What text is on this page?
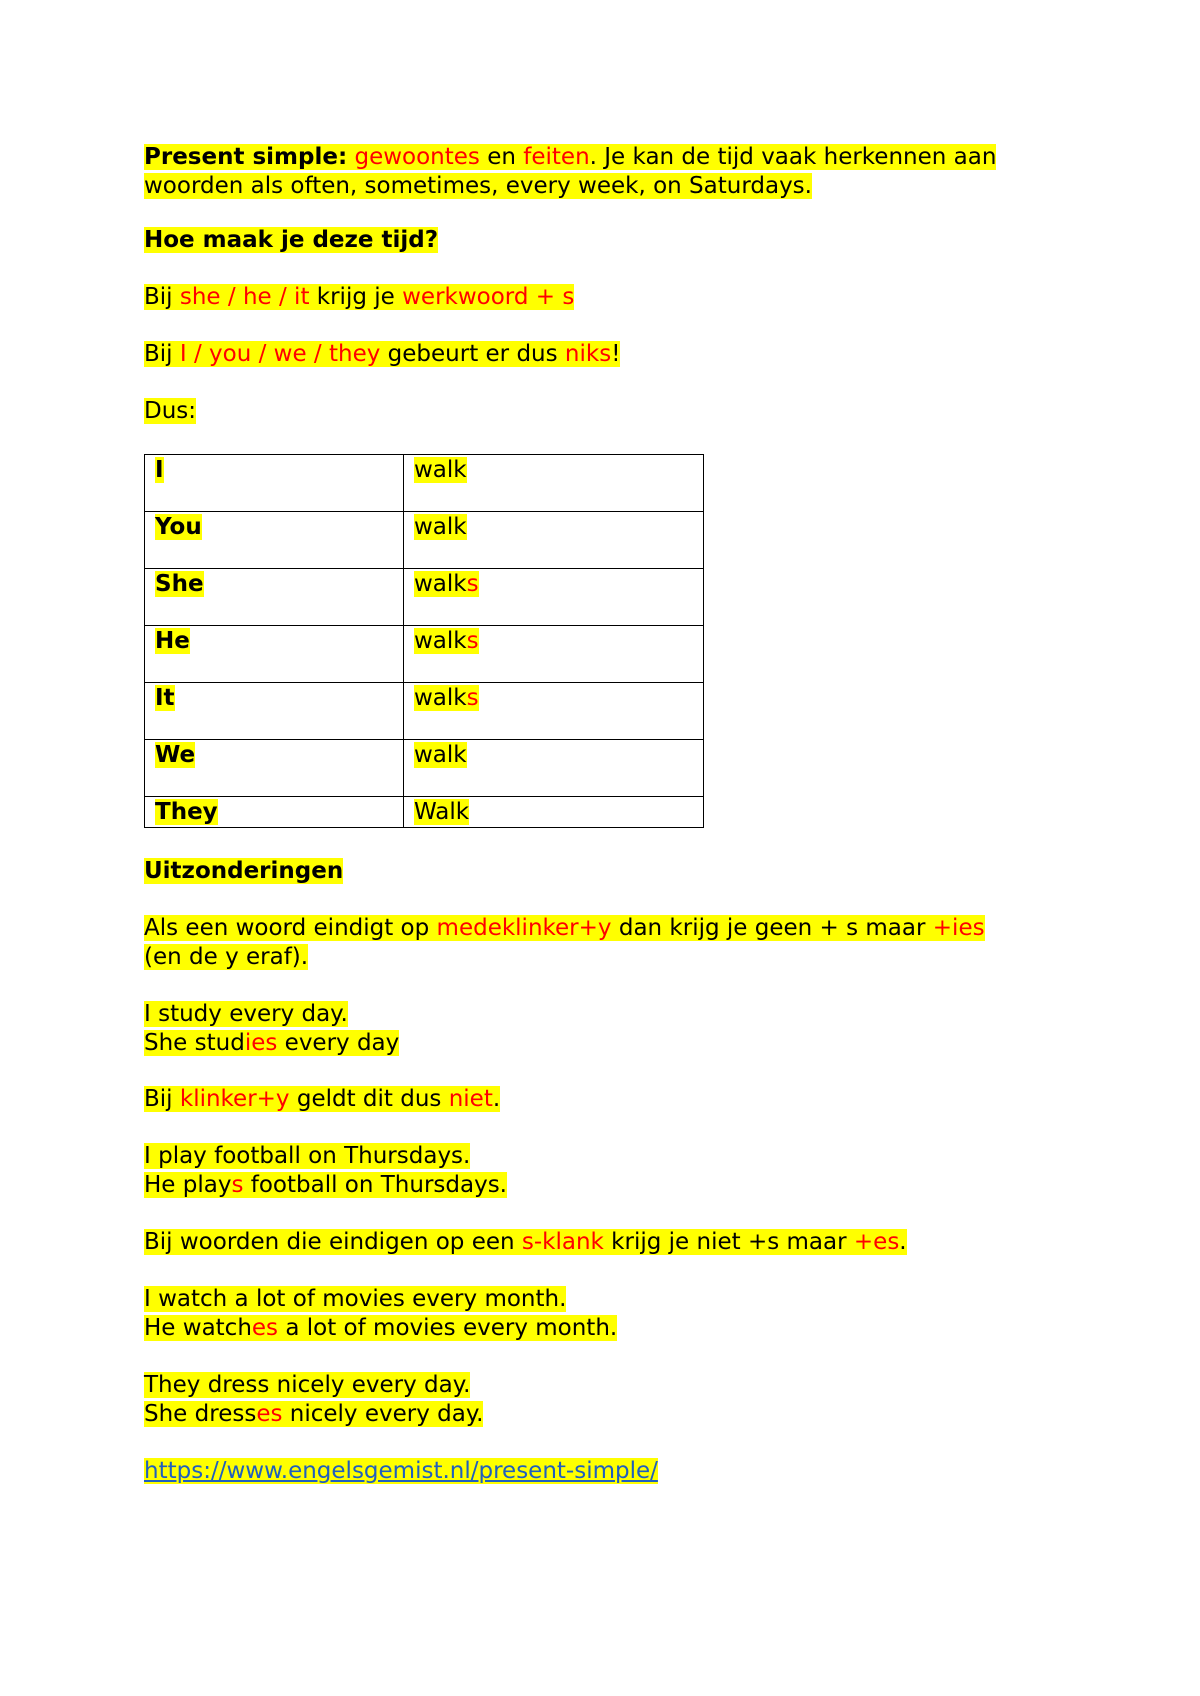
Present simple: gewoontes en feiten. Je kan de tijd vaak herkennen aan
woorden als often, sometimes, every week, on Saturdays.
Hoe maak je deze tijd?
Bij she / he / it krijg je werkwoord + s
Bij I / you / we / they gebeurt er dus niks!
Dus:
I	walk
You	walk
She	walks
He	walks
It	walks
We	walk
They	Walk
Uitzonderingen
Als een woord eindigt op medeklinker+y dan krijg je geen + s maar +ies
(en de y eraf).
I study every day.
She studies every day
Bij klinker+y geldt dit dus niet.
I play football on Thursdays.
He plays football on Thursdays.
Bij woorden die eindigen op een s-klank krijg je niet +s maar +es.
I watch a lot of movies every month.
He watches a lot of movies every month.
They dress nicely every day.
She dresses nicely every day.
https://www.engelsgemist.nl/present-simple/
